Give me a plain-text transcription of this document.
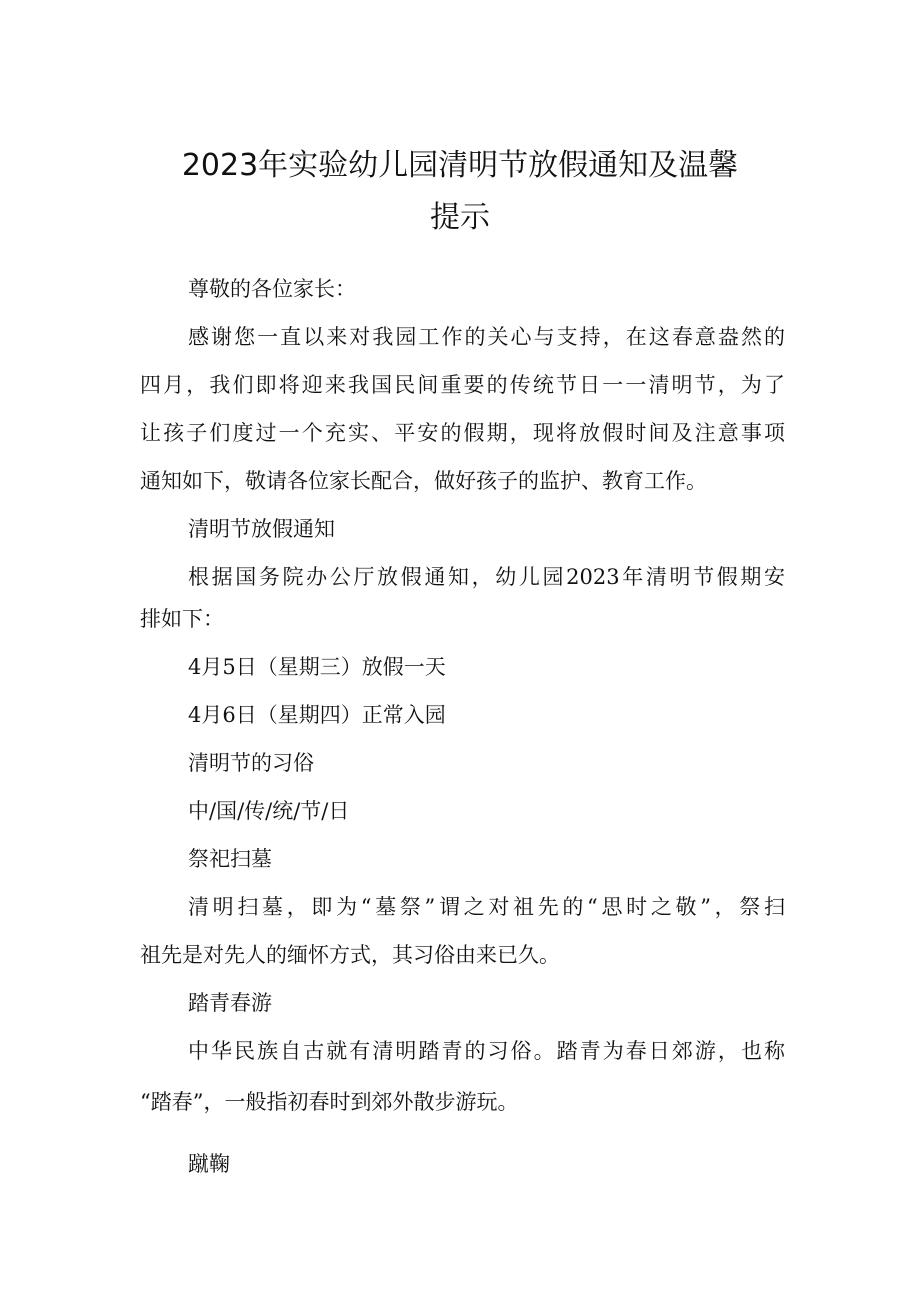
2023年实验幼儿园清明节放假通知及温馨
提示

尊敬的各位家长：

感谢您一直以来对我园工作的关心与支持，在这春意盎然的

四月，我们即将迎来我国民间重要的传统节日一一清明节，为了

让孩子们度过一个充实、平安的假期，现将放假时间及注意事项

通知如下，敬请各位家长配合，做好孩子的监护、教育工作。

清明节放假通知

根据国务院办公厅放假通知，幼儿园2023年清明节假期安

排如下：

4月5日（星期三）放假一天

4月6日（星期四）正常入园

清明节的习俗

中/国/传/统/节/日

祭祀扫墓

清明扫墓，即为“墓祭”谓之对祖先的“思时之敬”，祭扫

祖先是对先人的缅怀方式，其习俗由来已久。

踏青春游

中华民族自古就有清明踏青的习俗。踏青为春日郊游，也称

“踏春”，一般指初春时到郊外散步游玩。

蹴鞠
